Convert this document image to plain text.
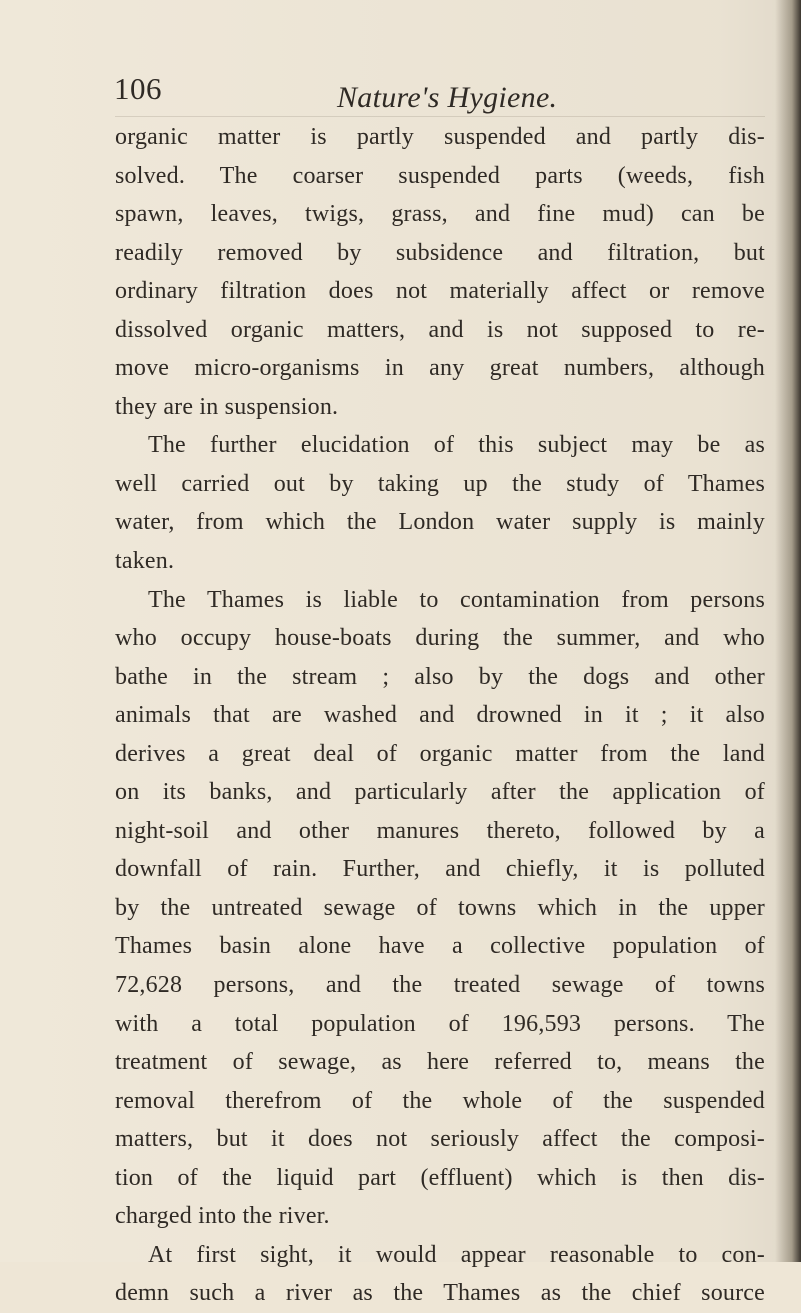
106	Nature's Hygiene.
organic matter is partly suspended and partly dis-
solved. The coarser suspended parts (weeds, fish
spawn, leaves, twigs, grass, and fine mud) can be
readily removed by subsidence and filtration, but
ordinary filtration does not materially affect or remove
dissolved organic matters, and is not supposed to re-
move micro-organisms in any great numbers, although
they are in suspension.
The further elucidation of this subject may be as
well carried out by taking up the study of Thames
water, from which the London water supply is mainly
taken.
The Thames is liable to contamination from persons
who occupy house-boats during the summer, and who
bathe in the stream ; also by the dogs and other
animals that are washed and drowned in it ; it also
derives a great deal of organic matter from the land
on its banks, and particularly after the application of
night-soil and other manures thereto, followed by a
downfall of rain. Further, and chiefly, it is polluted
by the untreated sewage of towns which in the upper
Thames basin alone have a collective population of
72,628 persons, and the treated sewage of towns
with a total population of 196,593 persons. The
treatment of sewage, as here referred to, means the
removal therefrom of the whole of the suspended
matters, but it does not seriously affect the composi-
tion of the liquid part (effluent) which is then dis-
charged into the river.
At first sight, it would appear reasonable to con-
demn such a river as the Thames as the chief source
